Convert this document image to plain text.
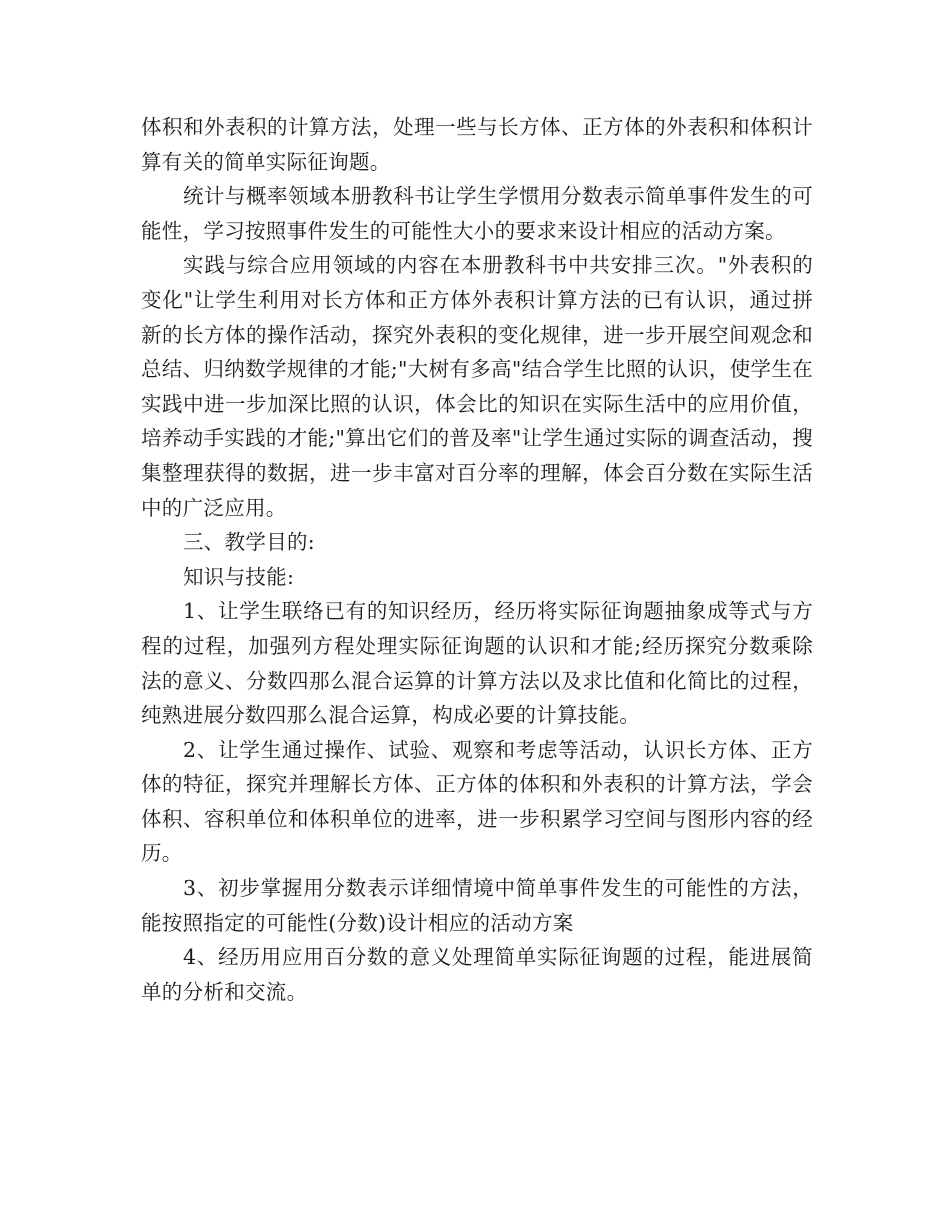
体积和外表积的计算方法，处理一些与长方体、正方体的外表积和体积计算有关的简单实际征询题。

统计与概率领域本册教科书让学生学惯用分数表示简单事件发生的可能性，学习按照事件发生的可能性大小的要求来设计相应的活动方案。

实践与综合应用领域的内容在本册教科书中共安排三次。"外表积的变化"让学生利用对长方体和正方体外表积计算方法的已有认识，通过拼新的长方体的操作活动，探究外表积的变化规律，进一步开展空间观念和总结、归纳数学规律的才能;"大树有多高"结合学生比照的认识，使学生在实践中进一步加深比照的认识，体会比的知识在实际生活中的应用价值，培养动手实践的才能;"算出它们的普及率"让学生通过实际的调查活动，搜集整理获得的数据，进一步丰富对百分率的理解，体会百分数在实际生活中的广泛应用。

三、教学目的:

知识与技能:

1、让学生联络已有的知识经历，经历将实际征询题抽象成等式与方程的过程，加强列方程处理实际征询题的认识和才能;经历探究分数乘除法的意义、分数四那么混合运算的计算方法以及求比值和化简比的过程，纯熟进展分数四那么混合运算，构成必要的计算技能。

2、让学生通过操作、试验、观察和考虑等活动，认识长方体、正方体的特征，探究并理解长方体、正方体的体积和外表积的计算方法，学会体积、容积单位和体积单位的进率，进一步积累学习空间与图形内容的经历。

3、初步掌握用分数表示详细情境中简单事件发生的可能性的方法，能按照指定的可能性(分数)设计相应的活动方案

4、经历用应用百分数的意义处理简单实际征询题的过程，能进展简单的分析和交流。
